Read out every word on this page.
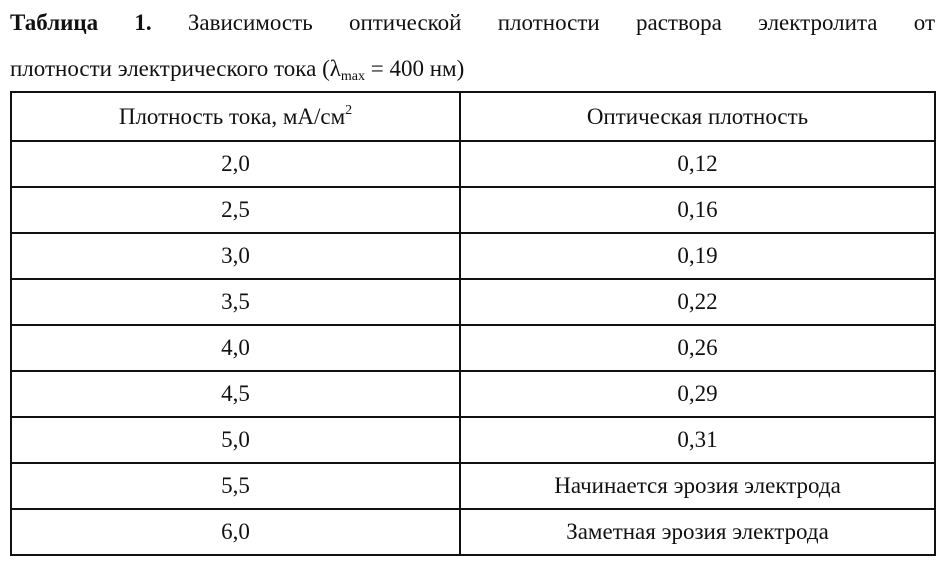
Таблица 1. Зависимость оптической плотности раствора электролита от
плотности электрического тока (λmax = 400 нм)
Плотность тока, $мА/см^2$	Оптическая плотность
2,0	0,12
2,5	0,16
3,0	0,19
3,5	0,22
4,0	0,26
4,5	0,29
5,0	0,31
5,5	Начинается эрозия электрода
6,0	Заметная эрозия электрода
